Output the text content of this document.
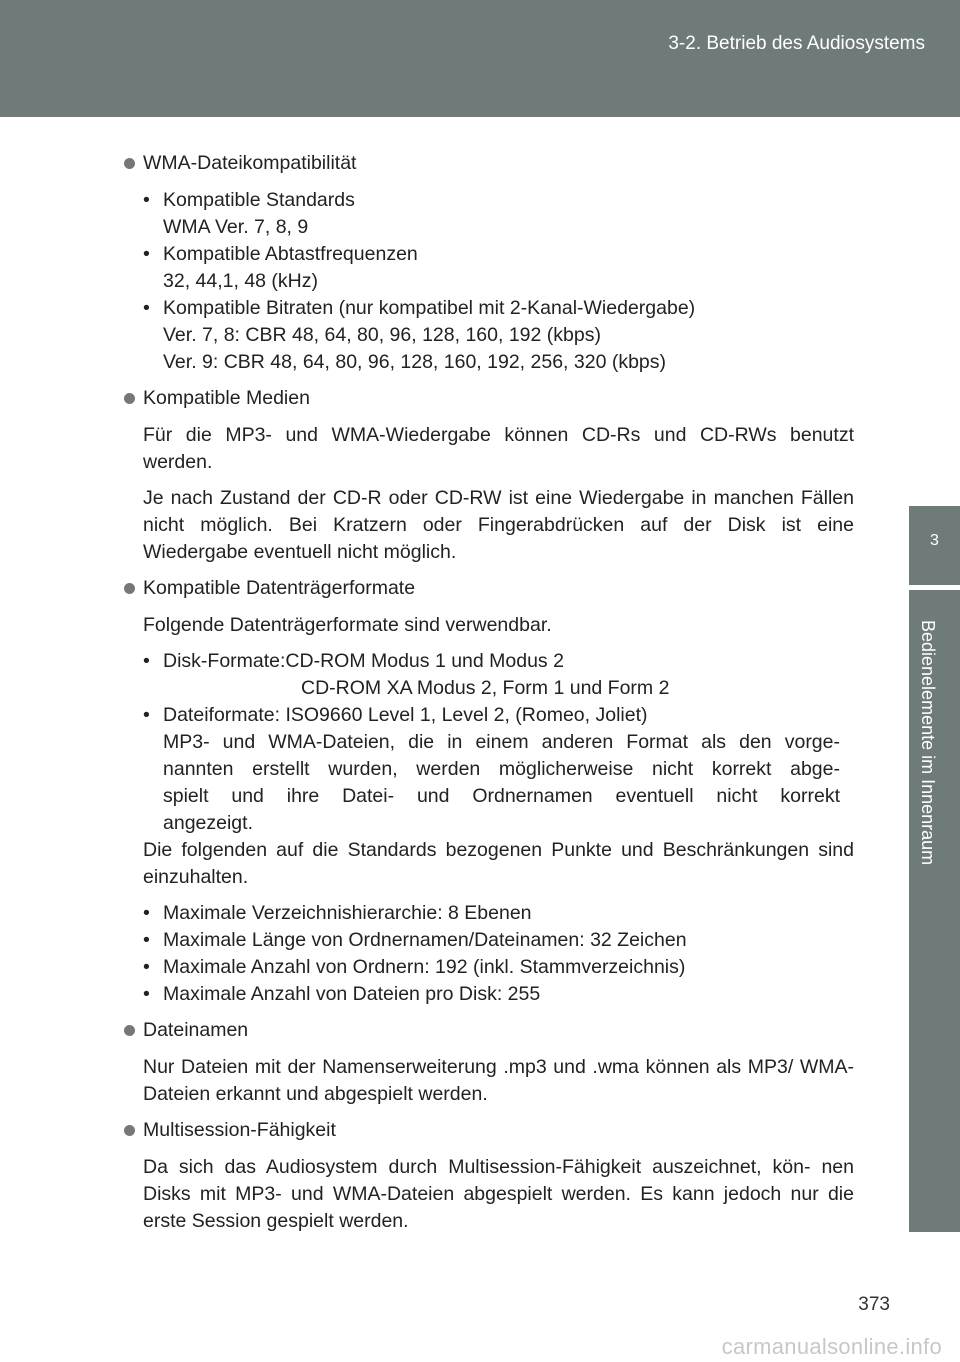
3-2. Betrieb des Audiosystems
3
Bedienelemente im Innenraum
WMA-Dateikompatibilität
• Kompatible Standards
WMA Ver. 7, 8, 9
• Kompatible Abtastfrequenzen
32, 44,1, 48 (kHz)
• Kompatible Bitraten (nur kompatibel mit 2-Kanal-Wiedergabe)
Ver. 7, 8: CBR 48, 64, 80, 96, 128, 160, 192 (kbps)
Ver. 9: CBR 48, 64, 80, 96, 128, 160, 192, 256, 320 (kbps)
Kompatible Medien

Für die MP3- und WMA-Wiedergabe können CD-Rs und CD-RWs benutzt werden.

Je nach Zustand der CD-R oder CD-RW ist eine Wiedergabe in manchen Fällen nicht möglich. Bei Kratzern oder Fingerabdrücken auf der Disk ist eine Wiedergabe eventuell nicht möglich.

Kompatible Datenträgerformate

Folgende Datenträgerformate sind verwendbar.

• Disk-Formate:CD-ROM Modus 1 und Modus 2
CD-ROM XA Modus 2, Form 1 und Form 2
• Dateiformate: ISO9660 Level 1, Level 2, (Romeo, Joliet)
MP3- und WMA-Dateien, die in einem anderen Format als den vorge-
nannten erstellt wurden, werden möglicherweise nicht korrekt abge-
spielt und ihre Datei- und Ordnernamen eventuell nicht korrekt
angezeigt.

Die folgenden auf die Standards bezogenen Punkte und Beschränkungen sind einzuhalten.

• Maximale Verzeichnishierarchie: 8 Ebenen
• Maximale Länge von Ordnernamen/Dateinamen: 32 Zeichen
• Maximale Anzahl von Ordnern: 192 (inkl. Stammverzeichnis)
• Maximale Anzahl von Dateien pro Disk: 255
Dateinamen

Nur Dateien mit der Namenserweiterung .mp3 und .wma können als MP3/ WMA-Dateien erkannt und abgespielt werden.

Multisession-Fähigkeit

Da sich das Audiosystem durch Multisession-Fähigkeit auszeichnet, kön- nen Disks mit MP3- und WMA-Dateien abgespielt werden. Es kann jedoch nur die erste Session gespielt werden.

373
carmanualsonline.info
